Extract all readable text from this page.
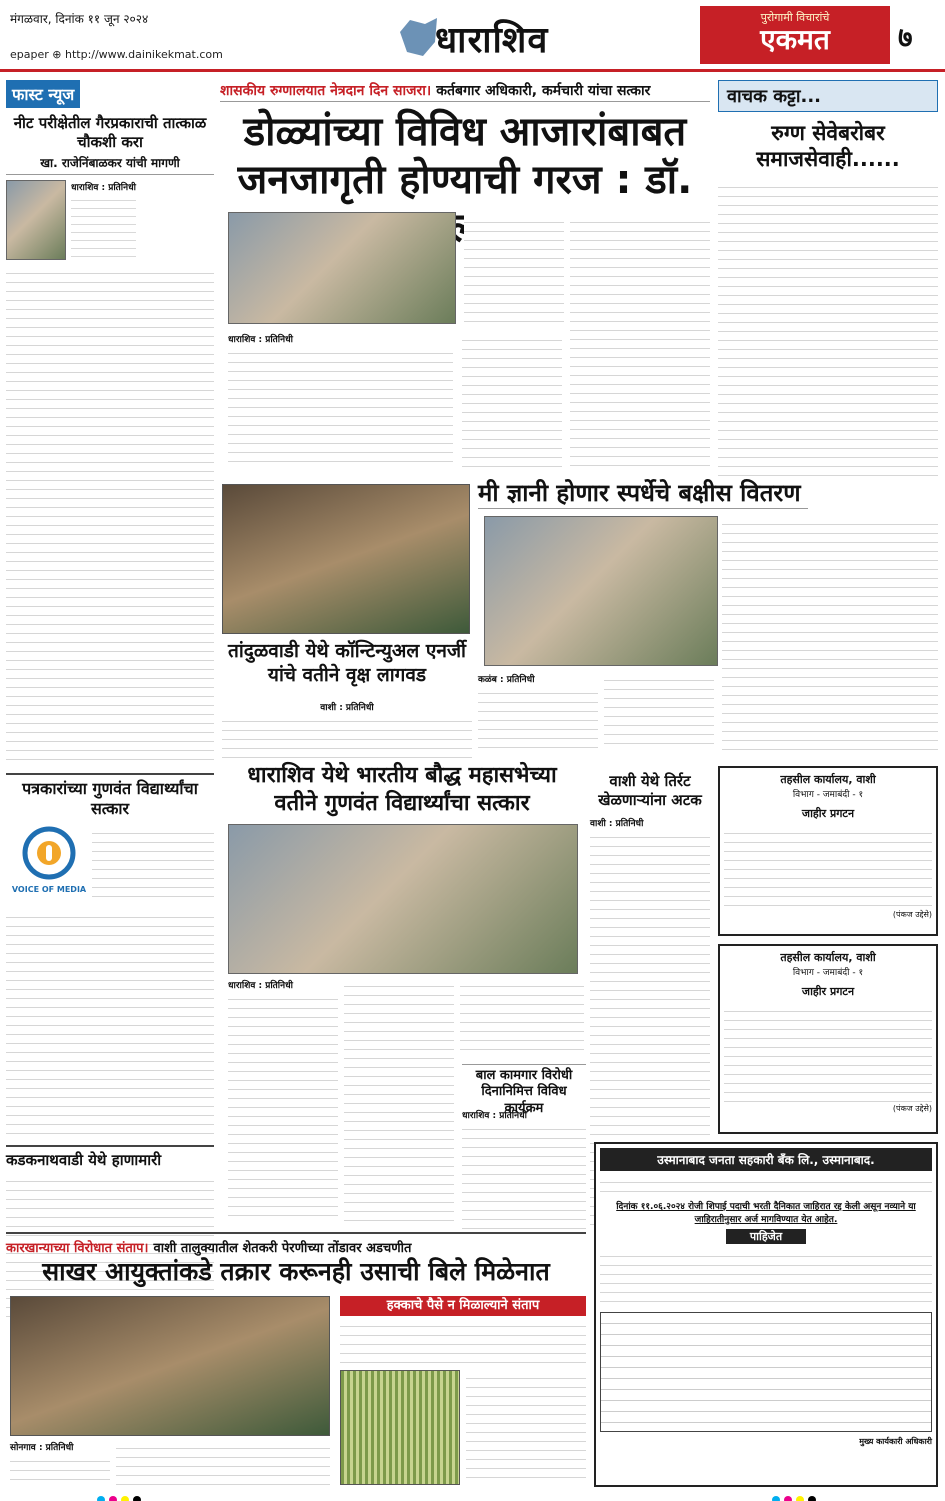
मंगळवार, दिनांक ११ जून २०२४
epaper ⊕ http://www.dainikekmat.com	धाराशिव
पुरोगामी विचारांचे
एकमत	७
फास्ट न्यूज
नीट परीक्षेतील गैरप्रकाराची तात्काळ चौकशी करा
खा. राजेनिंबाळकर यांची मागणी
धाराशिव : प्रतिनिधी
पत्रकारांच्या गुणवंत विद्यार्थ्यांचा सत्कार
VOICE OF MEDIA
कडकनाथवाडी येथे हाणामारी
शासकीय रुग्णालयात नेत्रदान दिन साजरा। कर्तबगार अधिकारी, कर्मचारी यांचा सत्कार
डोळ्यांच्या विविध आजारांबाबत
जनजागृती होण्याची गरज : डॉ.
धाराशिव : प्रतिनिधी
वाचक कट्टा...
रुग्ण सेवेबरोबर समाजसेवाही......
मी ज्ञानी होणार स्पर्धेचे बक्षीस वितरण
कळंब : प्रतिनिधी
तांदुळवाडी येथे कॉन्टिन्युअल एनर्जी यांचे वतीने वृक्ष लागवड
वाशी : प्रतिनिधी
धाराशिव येथे भारतीय बौद्ध महासभेच्या
वतीने गुणवंत विद्यार्थ्यांचा सत्कार
धाराशिव : प्रतिनिधी
बाल कामगार विरोधी दिनानिमित्त विविध कार्यक्रम
धाराशिव : प्रतिनिधी
वाशी येथे तिर्रट खेळणाऱ्यांना अटक
वाशी : प्रतिनिधी
तहसील कार्यालय, वाशी
विभाग - जमाबंदी - १
जाहीर प्रगटन
(पंकज उद्देसे)
तहसील कार्यालय, वाशी
विभाग - जमाबंदी - १
जाहीर प्रगटन
(पंकज उद्देसे)
कारखान्याच्या विरोधात संताप। वाशी तालुक्यातील शेतकरी पेरणीच्या तोंडावर अडचणीत
साखर आयुक्तांकडे तक्रार करूनही उसाची बिले मिळेनात
हक्काचे पैसे न मिळाल्याने संताप
सोनगाव : प्रतिनिधी
उस्मानाबाद जनता सहकारी बँक लि., उस्मानाबाद.
दिनांक ११.०६.२०२४ रोजी शिपाई पदाची भरती दैनिकात जाहिरात रद्द केली असून नव्याने या जाहिरातीनुसार अर्ज मागविण्यात येत आहेत.
पाहिजेत
मुख्य कार्यकारी अधिकारी
